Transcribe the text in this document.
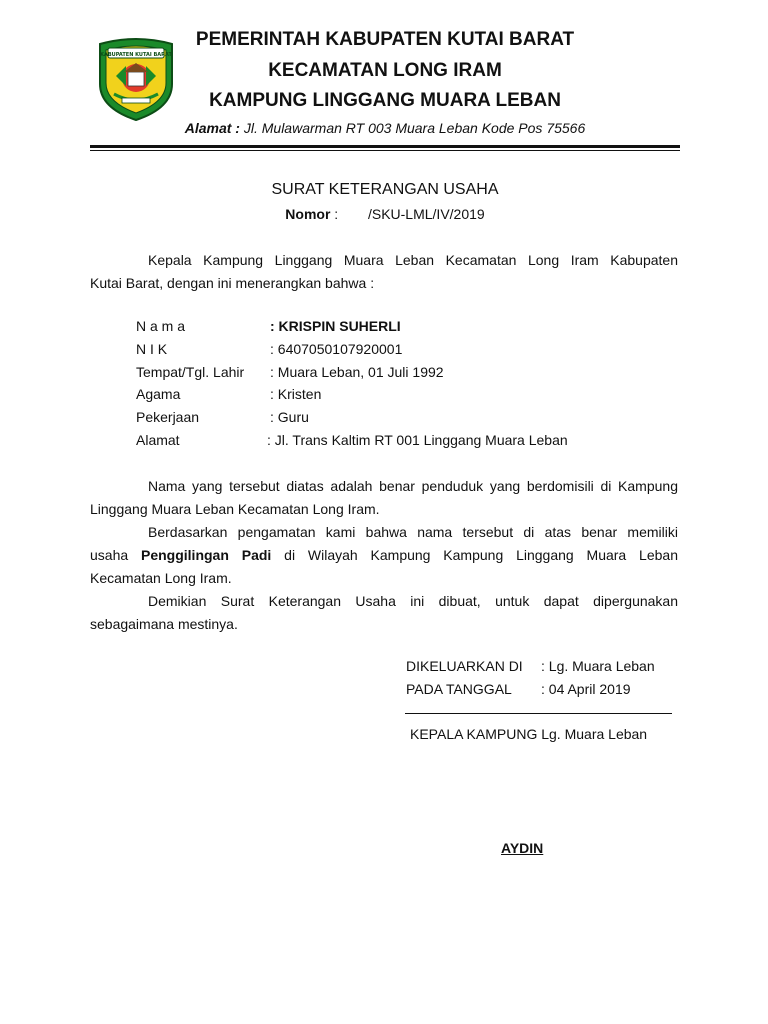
KABUPATEN KUTAI BARAT
PEMERINTAH KABUPATEN KUTAI BARAT
KECAMATAN LONG IRAM
KAMPUNG LINGGANG MUARA LEBAN
Alamat : Jl. Mulawarman RT 003 Muara Leban Kode Pos 75566
SURAT KETERANGAN USAHA
Nomor : /SKU-LML/IV/2019
Kepala Kampung Linggang Muara Leban Kecamatan Long Iram Kabupaten
Kutai Barat, dengan ini menerangkan bahwa :
N a m a	: KRISPIN SUHERLI
N I K	: 6407050107920001
Tempat/Tgl. Lahir : Muara Leban, 01 Juli 1992
Agama	: Kristen
Pekerjaan	: Guru
Alamat	: Jl. Trans Kaltim RT 001 Linggang Muara Leban
Nama yang tersebut diatas adalah benar penduduk yang berdomisili di Kampung
Linggang Muara Leban Kecamatan Long Iram.
Berdasarkan pengamatan kami bahwa nama tersebut di atas benar memiliki
usaha Penggilingan Padi di Wilayah Kampung Kampung Linggang Muara Leban
Kecamatan Long Iram.
Demikian Surat Keterangan Usaha ini dibuat, untuk dapat dipergunakan
sebagaimana mestinya.
DIKELUARKAN DI : Lg. Muara Leban
PADA TANGGAL : 04 April 2019
KEPALA KAMPUNG Lg. Muara Leban
AYDIN
